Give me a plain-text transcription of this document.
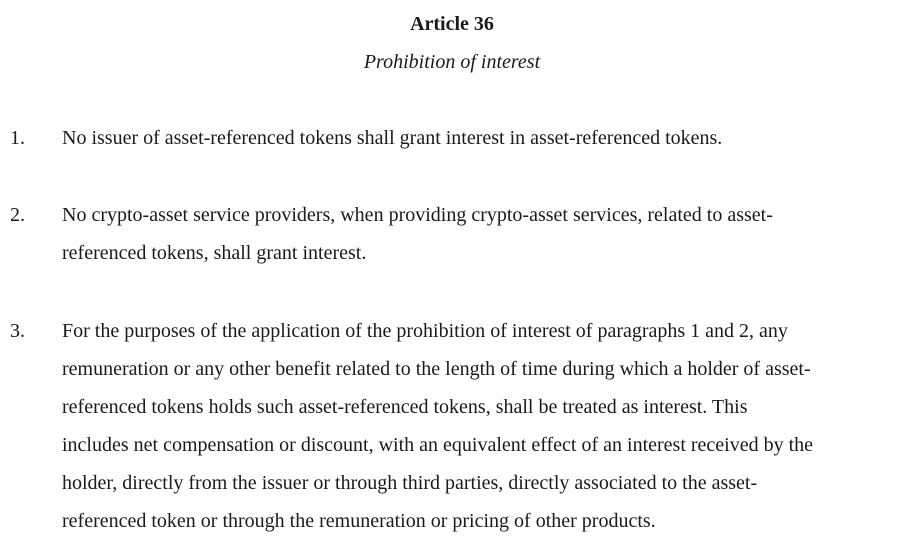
Article 36
Prohibition of interest
1. No issuer of asset-referenced tokens shall grant interest in asset-referenced tokens.
2. No crypto-asset service providers, when providing crypto-asset services, related to asset-
referenced tokens, shall grant interest.
3. For the purposes of the application of the prohibition of interest of paragraphs 1 and 2, any
remuneration or any other benefit related to the length of time during which a holder of asset-
referenced tokens holds such asset-referenced tokens, shall be treated as interest. This
includes net compensation or discount, with an equivalent effect of an interest received by the
holder, directly from the issuer or through third parties, directly associated to the asset-
referenced token or through the remuneration or pricing of other products.
